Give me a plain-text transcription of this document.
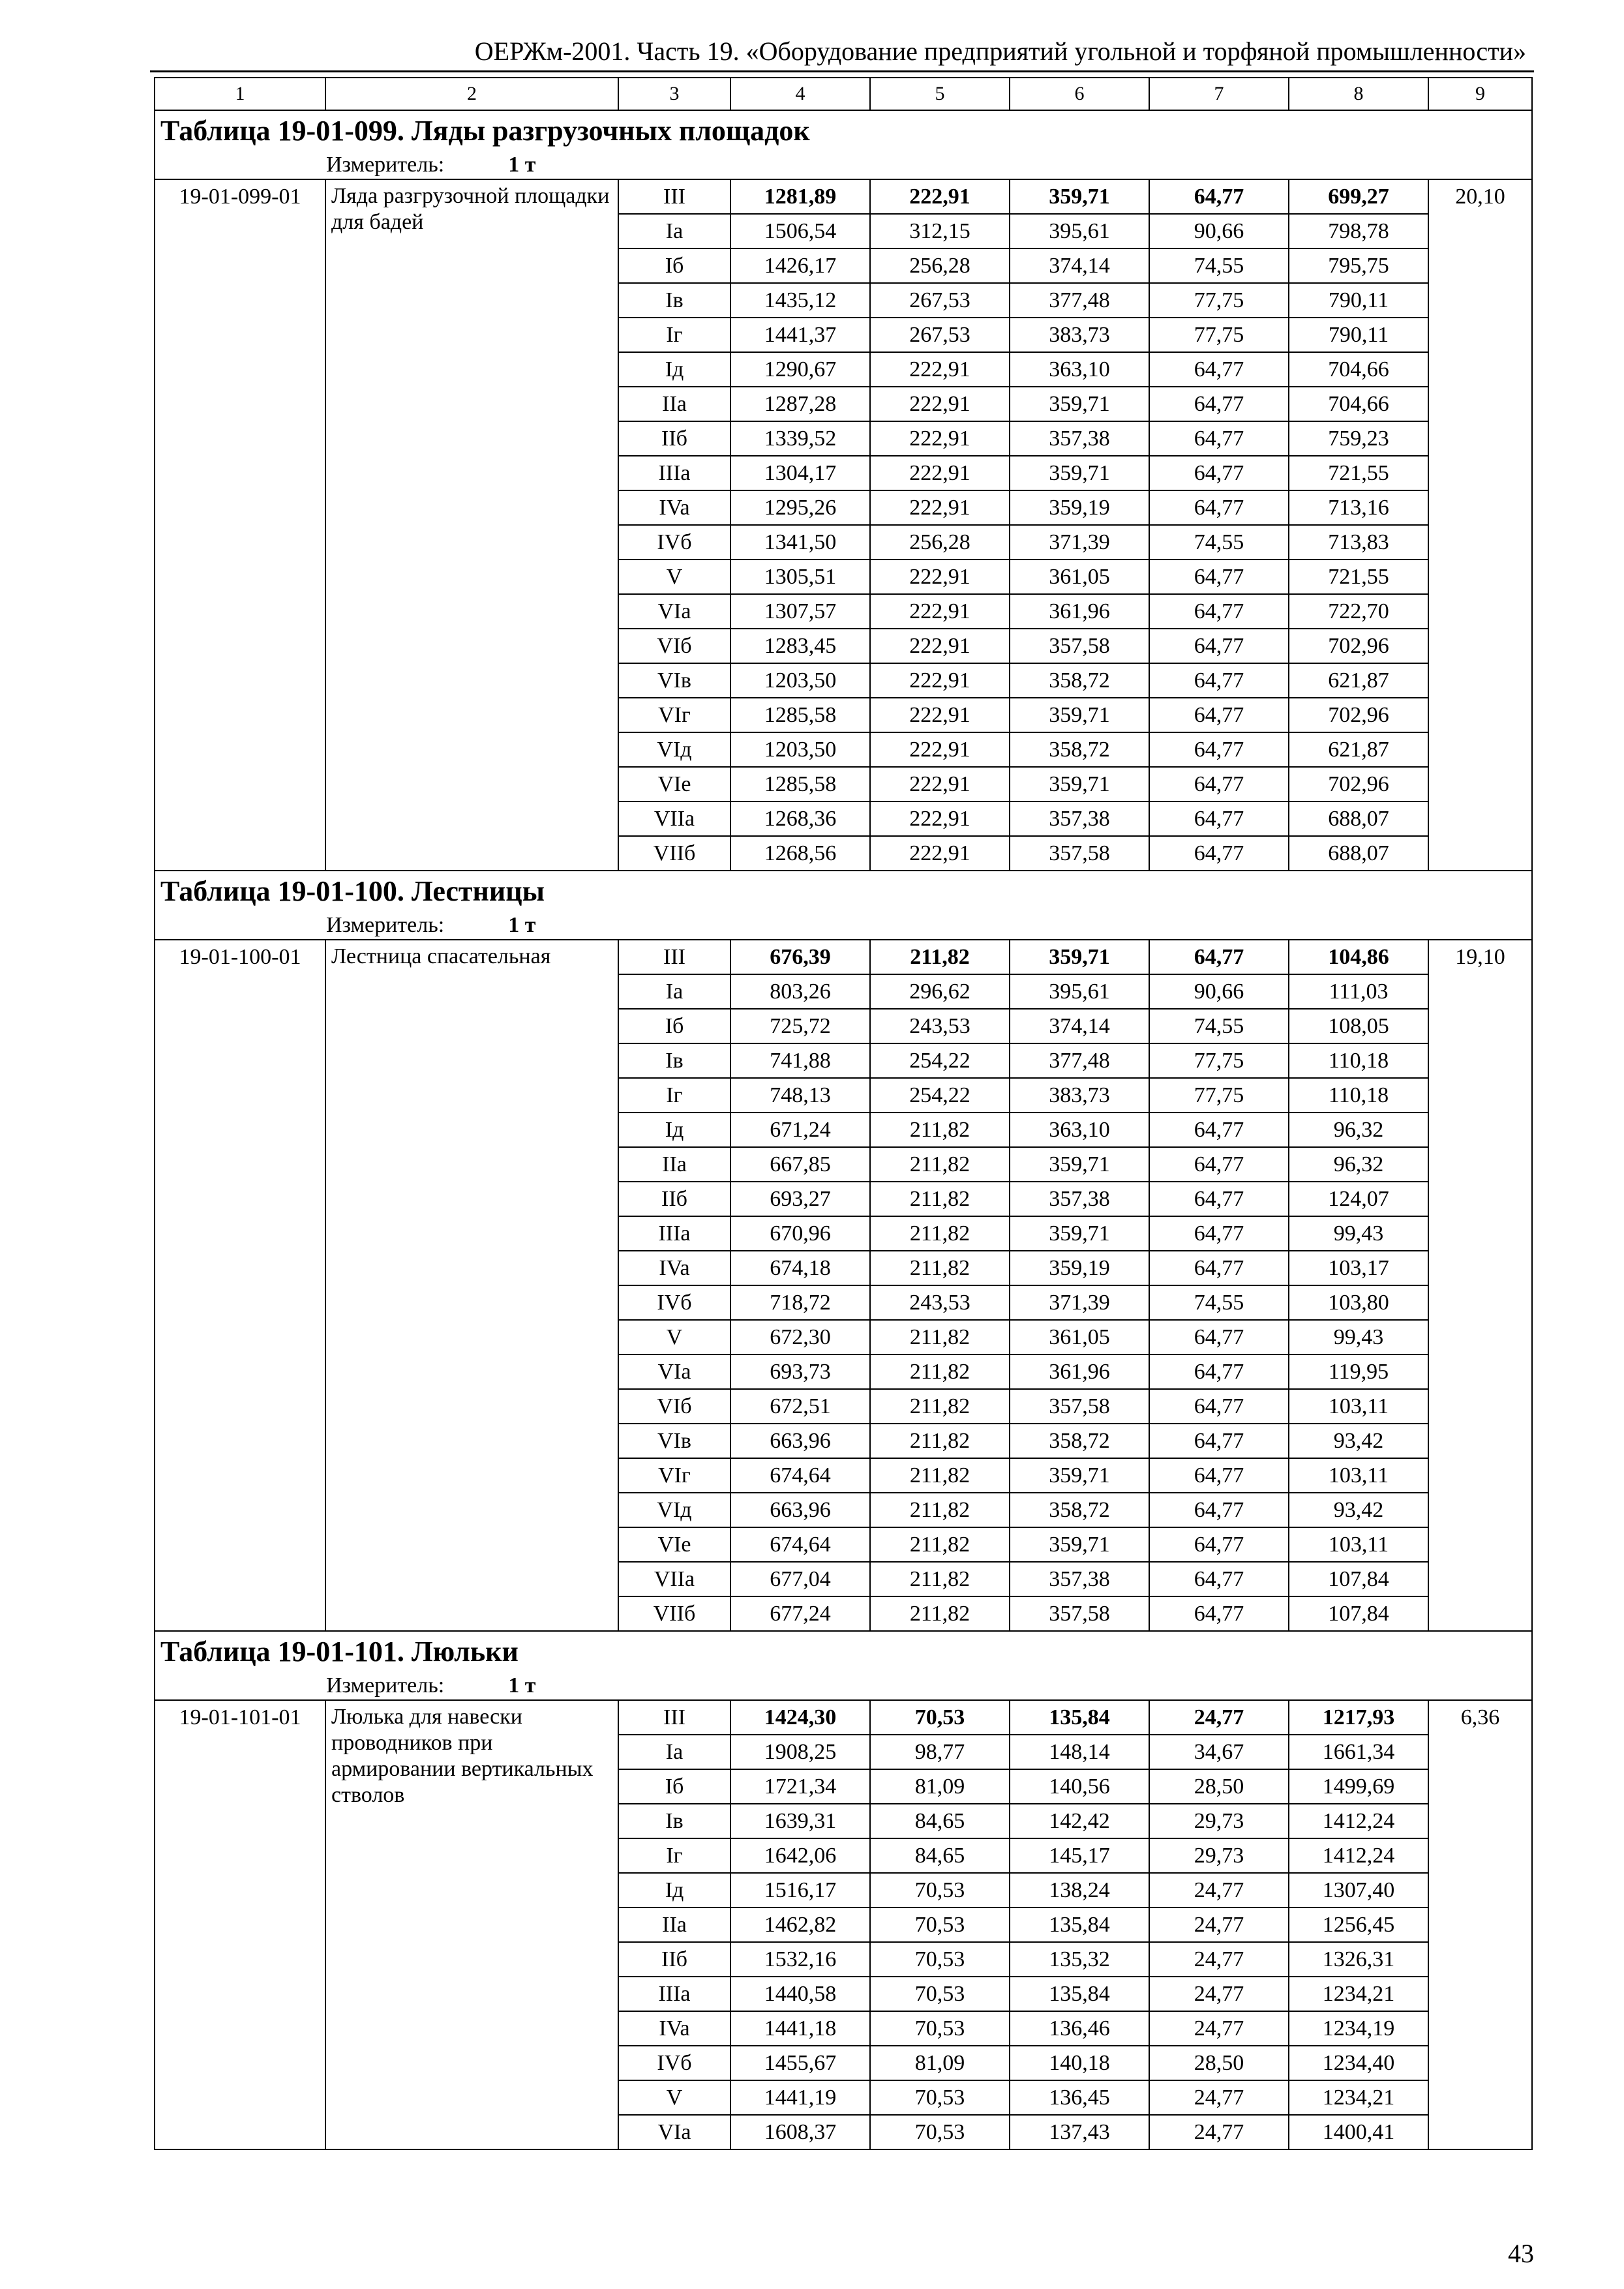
ОЕРЖм-2001. Часть 19. «Оборудование предприятий угольной и торфяной промышленности»
1	2	3	4	5	6	7	8	9
Таблица 19-01-099. Ляды разгрузочных площадок								
Измеритель: 1 т								
19-01-099-01	Ляда разгрузочной площадки для бадей	III	1281,89	222,91	359,71	64,77	699,27	20,10
		Ia	1506,54	312,15	395,61	90,66	798,78	
		Iб	1426,17	256,28	374,14	74,55	795,75	
		Iв	1435,12	267,53	377,48	77,75	790,11	
		Iг	1441,37	267,53	383,73	77,75	790,11	
		Iд	1290,67	222,91	363,10	64,77	704,66	
		IIa	1287,28	222,91	359,71	64,77	704,66	
		IIб	1339,52	222,91	357,38	64,77	759,23	
		IIIa	1304,17	222,91	359,71	64,77	721,55	
		IVa	1295,26	222,91	359,19	64,77	713,16	
		IVб	1341,50	256,28	371,39	74,55	713,83	
		V	1305,51	222,91	361,05	64,77	721,55	
		VIa	1307,57	222,91	361,96	64,77	722,70	
		VIб	1283,45	222,91	357,58	64,77	702,96	
		VIв	1203,50	222,91	358,72	64,77	621,87	
		VIг	1285,58	222,91	359,71	64,77	702,96	
		VIд	1203,50	222,91	358,72	64,77	621,87	
		VIе	1285,58	222,91	359,71	64,77	702,96	
		VIIa	1268,36	222,91	357,38	64,77	688,07	
		VIIб	1268,56	222,91	357,58	64,77	688,07	
Таблица 19-01-100. Лестницы								
Измеритель: 1 т								
19-01-100-01	Лестница спасательная	III	676,39	211,82	359,71	64,77	104,86	19,10
		Ia	803,26	296,62	395,61	90,66	111,03	
		Iб	725,72	243,53	374,14	74,55	108,05	
		Iв	741,88	254,22	377,48	77,75	110,18	
		Iг	748,13	254,22	383,73	77,75	110,18	
		Iд	671,24	211,82	363,10	64,77	96,32	
		IIa	667,85	211,82	359,71	64,77	96,32	
		IIб	693,27	211,82	357,38	64,77	124,07	
		IIIa	670,96	211,82	359,71	64,77	99,43	
		IVa	674,18	211,82	359,19	64,77	103,17	
		IVб	718,72	243,53	371,39	74,55	103,80	
		V	672,30	211,82	361,05	64,77	99,43	
		VIa	693,73	211,82	361,96	64,77	119,95	
		VIб	672,51	211,82	357,58	64,77	103,11	
		VIв	663,96	211,82	358,72	64,77	93,42	
		VIг	674,64	211,82	359,71	64,77	103,11	
		VIд	663,96	211,82	358,72	64,77	93,42	
		VIе	674,64	211,82	359,71	64,77	103,11	
		VIIa	677,04	211,82	357,38	64,77	107,84	
		VIIб	677,24	211,82	357,58	64,77	107,84	
Таблица 19-01-101. Люльки								
Измеритель: 1 т								
19-01-101-01	Люлька для навески проводников при армировании вертикальных стволов	III	1424,30	70,53	135,84	24,77	1217,93	6,36
		Ia	1908,25	98,77	148,14	34,67	1661,34	
		Iб	1721,34	81,09	140,56	28,50	1499,69	
		Iв	1639,31	84,65	142,42	29,73	1412,24	
		Iг	1642,06	84,65	145,17	29,73	1412,24	
		Iд	1516,17	70,53	138,24	24,77	1307,40	
		IIa	1462,82	70,53	135,84	24,77	1256,45	
		IIб	1532,16	70,53	135,32	24,77	1326,31	
		IIIa	1440,58	70,53	135,84	24,77	1234,21	
		IVa	1441,18	70,53	136,46	24,77	1234,19	
		IVб	1455,67	81,09	140,18	28,50	1234,40	
		V	1441,19	70,53	136,45	24,77	1234,21	
		VIa	1608,37	70,53	137,43	24,77	1400,41	
43
